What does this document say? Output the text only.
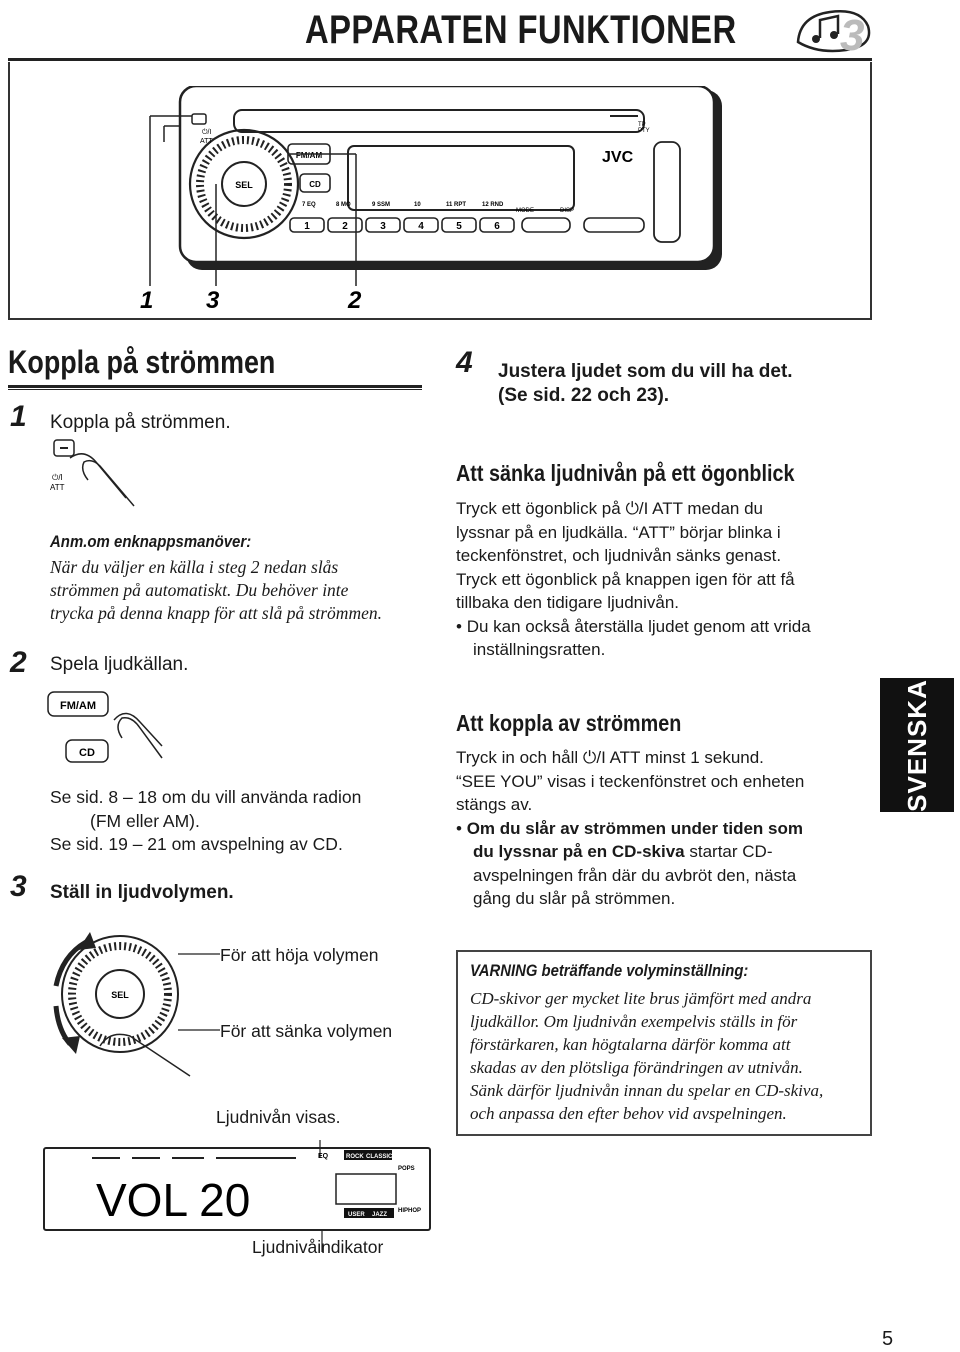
APPARATEN FUNKTIONER 3
FM/AM
CD
SEL
⏻/I
ATT
TP
PTY
JVC
MODE	DISP
7 EQ	8 MO	9 SSM	10	11 RPT	12 RND
1	2	3	4	5	6
1 3	2
Koppla på strömmen
1 Koppla på strömmen.
⏻/I
ATT
Anm.om enknappsmanöver:
När du väljer en källa i steg 2 nedan slås
strömmen på automatiskt. Du behöver inte
trycka på denna knapp för att slå på strömmen.
2 Spela ljudkällan.
FM/AM
CD
Se sid. 8 – 18 om du vill använda radion
(FM eller AM).
Se sid. 19 – 21 om avspelning av CD.
3 Ställ in ljudvolymen.
SEL
För att höja volymen
För att sänka volymen
Ljudnivån visas.
VOL 20
EQ	ROCK CLASSIC
POPS
HIPHOP
USER JAZZ
Ljudnivåindikator
4 Justera ljudet som du vill ha det.
(Se sid. 22 och 23).
Att sänka ljudnivån på ett ögonblick
Tryck ett ögonblick på ⏻/I ATT medan du
lyssnar på en ljudkälla. “ATT” börjar blinka i
teckenfönstret, och ljudnivån sänks genast.
Tryck ett ögonblick på knappen igen för att få
tillbaka den tidigare ljudnivån.
• Du kan också återställa ljudet genom att vrida
inställningsratten.
Att koppla av strömmen
Tryck in och håll ⏻/I ATT minst 1 sekund.
“SEE YOU” visas i teckenfönstret och enheten
stängs av.
• Om du slår av strömmen under tiden som
du lyssnar på en CD-skiva startar CD-
avspelningen från där du avbröt den, nästa
gång du slår på strömmen.
SVENSKA
VARNING beträffande volyminställning:
CD-skivor ger mycket lite brus jämfört med andra
ljudkällor. Om ljudnivån exempelvis ställs in för
förstärkaren, kan högtalarna därför komma att
skadas av den plötsliga förändringen av utnivån.
Sänk därför ljudnivån innan du spelar en CD-skiva,
och anpassa den efter behov vid avspelningen.
5
